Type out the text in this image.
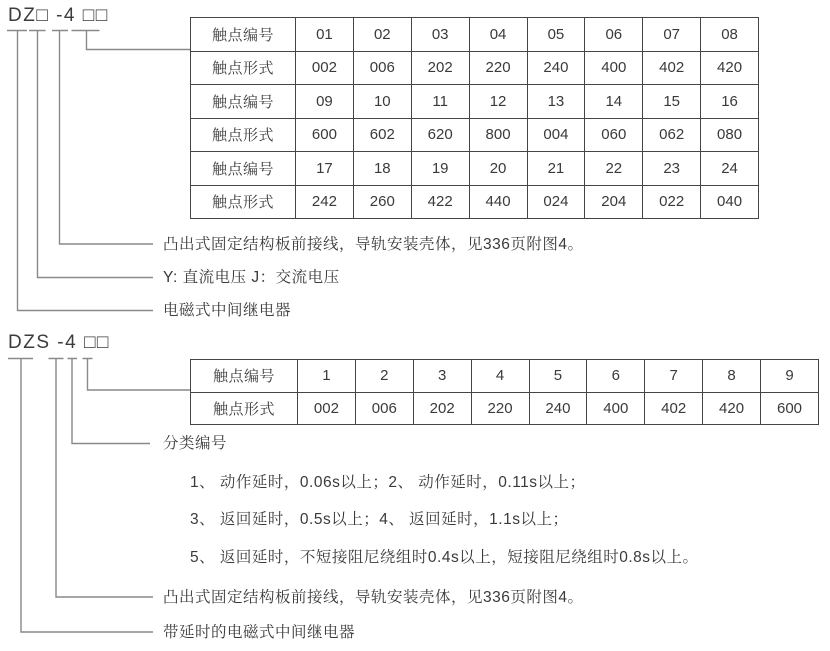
DZ□ -4 □□
触点编号	01	02	03	04	05	06	07	08
触点形式	002	006	202	220	240	400	402	420
触点编号	09	10	11	12	13	14	15	16
触点形式	600	602	620	800	004	060	062	080
触点编号	17	18	19	20	21	22	23	24
触点形式	242	260	422	440	024	204	022	040
凸出式固定结构板前接线，导轨安装壳体，见336页附图4。
Y: 直流电压 J：交流电压
电磁式中间继电器
DZS -4 □□
触点编号	1	2	3	4	5	6	7	8	9
触点形式	002	006	202	220	240	400	402	420	600
分类编号
1、 动作延时，0.06s以上；2、 动作延时，0.11s以上；
3、 返回延时，0.5s以上；4、 返回延时，1.1s以上；
5、 返回延时，不短接阻尼绕组时0.4s以上，短接阻尼绕组时0.8s以上。
凸出式固定结构板前接线，导轨安装壳体，见336页附图4。
带延时的电磁式中间继电器
